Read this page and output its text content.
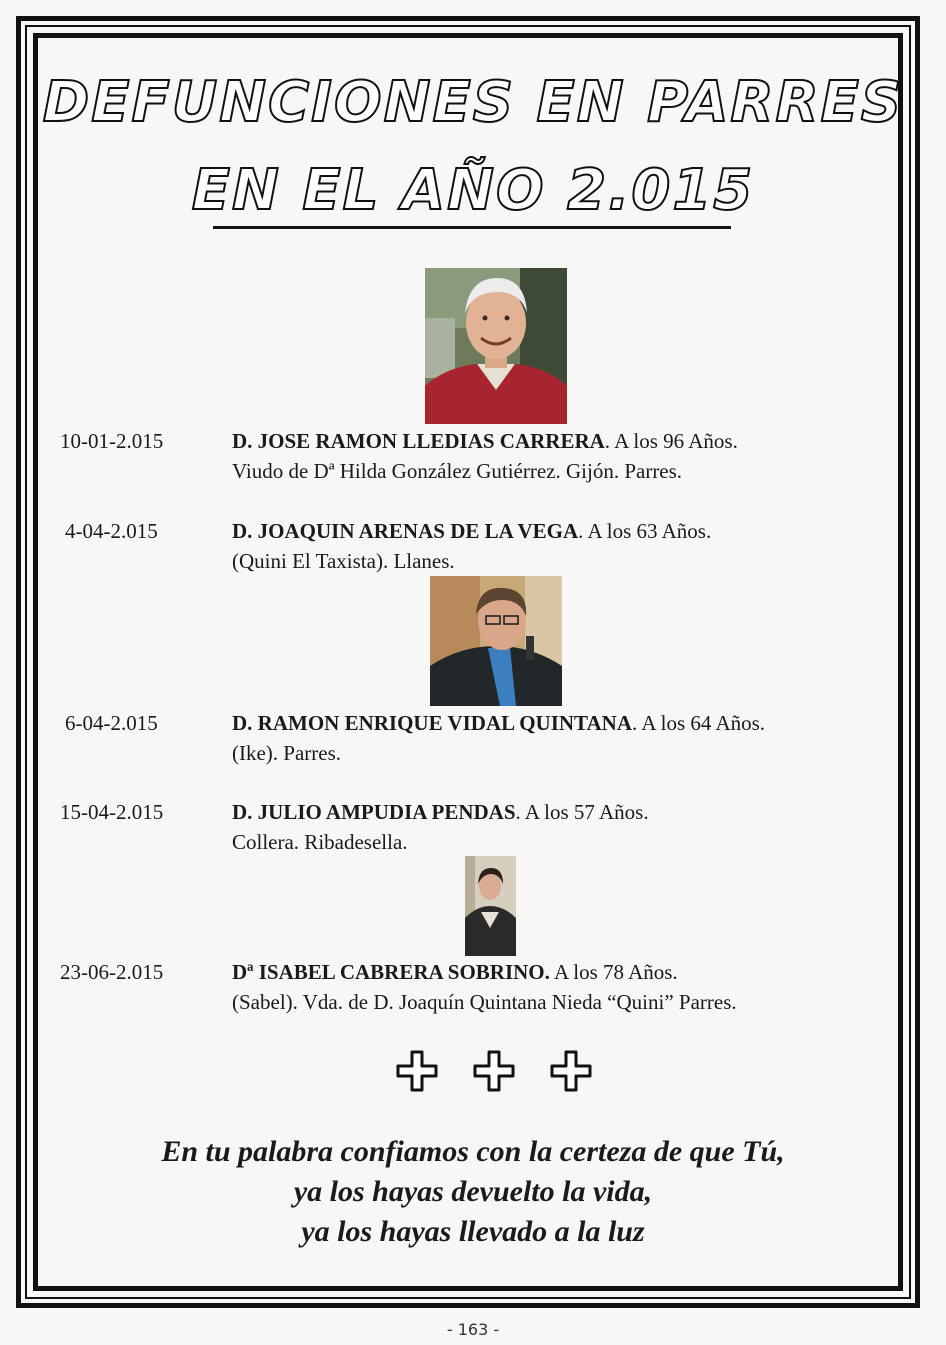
DEFUNCIONES EN PARRES
EN EL AÑO 2.015
10-01-2.015	D. JOSE RAMON LLEDIAS CARRERA. A los 96 Años.
Viudo de Dª Hilda González Gutiérrez. Gijón. Parres.
4-04-2.015	D. JOAQUIN ARENAS DE LA VEGA. A los 63 Años.
(Quini El Taxista). Llanes.
6-04-2.015	D. RAMON ENRIQUE VIDAL QUINTANA. A los 64 Años.
(Ike). Parres.
15-04-2.015	D. JULIO AMPUDIA PENDAS. A los 57 Años.
Collera. Ribadesella.
23-06-2.015	Dª ISABEL CABRERA SOBRINO. A los 78 Años.
(Sabel). Vda. de D. Joaquín Quintana Nieda “Quini” Parres.

En tu palabra confiamos con la certeza de que Tú,
ya los hayas devuelto la vida,
ya los hayas llevado a la luz

- 163 -
